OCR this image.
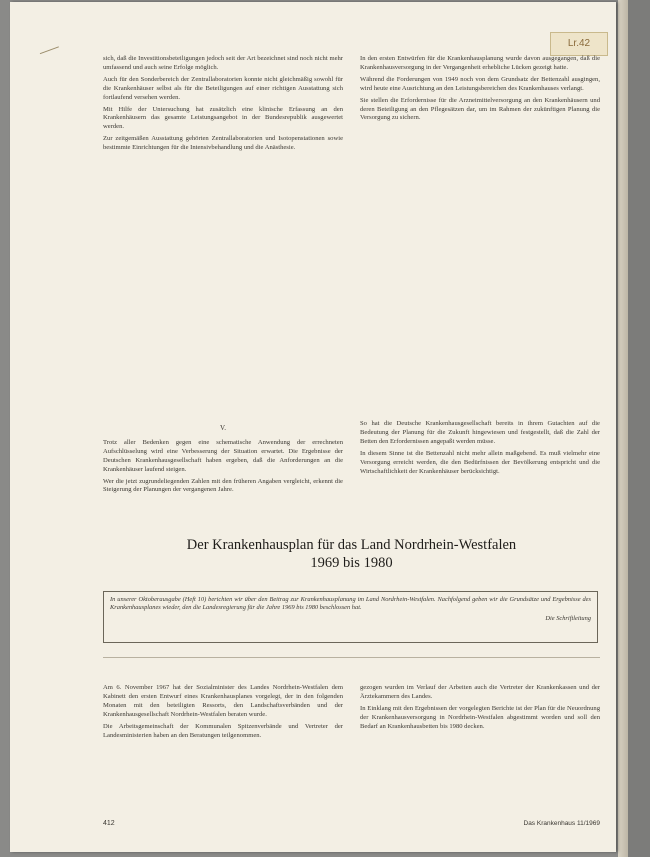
Lr.42

sich, daß die Investitionsbeteiligungen jedoch seit der Art bezeichnet sind noch nicht mehr umfassend und auch seine Erfolge möglich.

Auch für den Sonderbereich der Zentrallaboratorien konnte nicht gleichmäßig sowohl für die Krankenhäuser selbst als für die Beteiligungen auf einer richtigen Ausstattung sich fortlaufend versehen werden.

Mit Hilfe der Untersuchung hat zusätzlich eine klinische Erfassung an den Krankenhäusern das gesamte Leistungsangebot in der Bundesrepublik ausgewertet werden.

Zur zeitgemäßen Ausstattung gehörten Zentrallaboratorien und Isotopenstationen sowie bestimmte Einrichtungen für die Intensivbehandlung und die Anästhesie.

In den ersten Entwürfen für die Krankenhausplanung wurde davon ausgegangen, daß die Krankenhausversorgung in der Vergangenheit erhebliche Lücken gezeigt hatte.

Während die Forderungen von 1949 noch von dem Grundsatz der Bettenzahl ausgingen, wird heute eine Ausrichtung an den Leistungsbereichen des Krankenhauses verlangt.

Sie stellen die Erfordernisse für die Arzneimittelversorgung an den Krankenhäusern und deren Beteiligung an den Pflegesätzen dar, um im Rahmen der zukünftigen Planung die Versorgung zu sichern.

V.

Trotz aller Bedenken gegen eine schematische Anwendung der errechneten Aufschlüsselung wird eine Verbesserung der Situation erwartet. Die Ergebnisse der Deutschen Krankenhausgesellschaft haben ergeben, daß die Anforderungen an die Krankenhäuser laufend steigen.

Wer die jetzt zugrundeliegenden Zahlen mit den früheren Angaben vergleicht, erkennt die Steigerung der Planungen der vergangenen Jahre.

So hat die Deutsche Krankenhausgesellschaft bereits in ihrem Gutachten auf die Bedeutung der Planung für die Zukunft hingewiesen und festgestellt, daß die Zahl der Betten den Erfordernissen angepaßt werden müsse.

In diesem Sinne ist die Bettenzahl nicht mehr allein maßgebend. Es muß vielmehr eine Versorgung erreicht werden, die den Bedürfnissen der Bevölkerung entspricht und die Wirtschaftlichkeit der Krankenhäuser berücksichtigt.

Der Krankenhausplan für das Land Nordrhein-Westfalen
1969 bis 1980
In unserer Oktoberausgabe (Heft 10) berichten wir über den Beitrag zur Krankenhausplanung im Land Nordrhein-Westfalen. Nachfolgend geben wir die Grundsätze und Ergebnisse des Krankenhausplanes wieder, den die Landesregierung für die Jahre 1969 bis 1980 beschlossen hat.
Die Schriftleitung

Am 6. November 1967 hat der Sozialminister des Landes Nordrhein-Westfalen dem Kabinett den ersten Entwurf eines Krankenhausplanes vorgelegt, der in den folgenden Monaten mit den beteiligten Ressorts, den Landschaftsverbänden und der Krankenhausgesellschaft Nordrhein-Westfalen beraten wurde.

Die Arbeitsgemeinschaft der Kommunalen Spitzenverbände und Vertreter der Landesministerien haben an den Beratungen teilgenommen.

gezogen wurden im Verlauf der Arbeiten auch die Vertreter der Krankenkassen und der Ärztekammern des Landes.

In Einklang mit den Ergebnissen der vorgelegten Berichte ist der Plan für die Neuordnung der Krankenhausversorgung in Nordrhein-Westfalen abgestimmt worden und soll den Bedarf an Krankenhausbetten bis 1980 decken.

412	Das Krankenhaus 11/1969
